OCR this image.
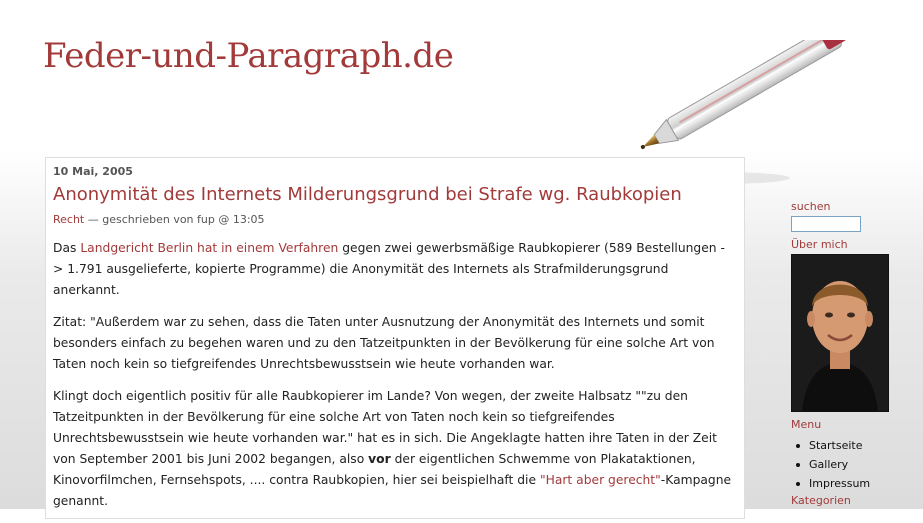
Feder-und-Paragraph.de
10 Mai, 2005
Anonymität des Internets Milderungsgrund bei Strafe wg. Raubkopien
Recht — geschrieben von fup @ 13:05

Das Landgericht Berlin hat in einem Verfahren gegen zwei gewerbsmäßige Raubkopierer (589 Bestellungen -> 1.791 ausgelieferte, kopierte Programme) die Anonymität des Internets als Strafmilderungsgrund anerkannt.

Zitat: "Außerdem war zu sehen, dass die Taten unter Ausnutzung der Anonymität des Internets und somit besonders einfach zu begehen waren und zu den Tatzeitpunkten in der Bevölkerung für eine solche Art von Taten noch kein so tiefgreifendes Unrechtsbewusstsein wie heute vorhanden war.

Klingt doch eigentlich positiv für alle Raubkopierer im Lande? Von wegen, der zweite Halbsatz ""zu den Tatzeitpunkten in der Bevölkerung für eine solche Art von Taten noch kein so tiefgreifendes Unrechtsbewusstsein wie heute vorhanden war." hat es in sich. Die Angeklagte hatten ihre Taten in der Zeit von September 2001 bis Juni 2002 begangen, also vor der eigentlichen Schwemme von Plakataktionen, Kinovorfilmchen, Fernsehspots, .... contra Raubkopien, hier sei beispielhaft die "Hart aber gerecht"-Kampagne genannt.

suchen
Über mich
Menu
Startseite
Gallery
Impressum
Kategorien
